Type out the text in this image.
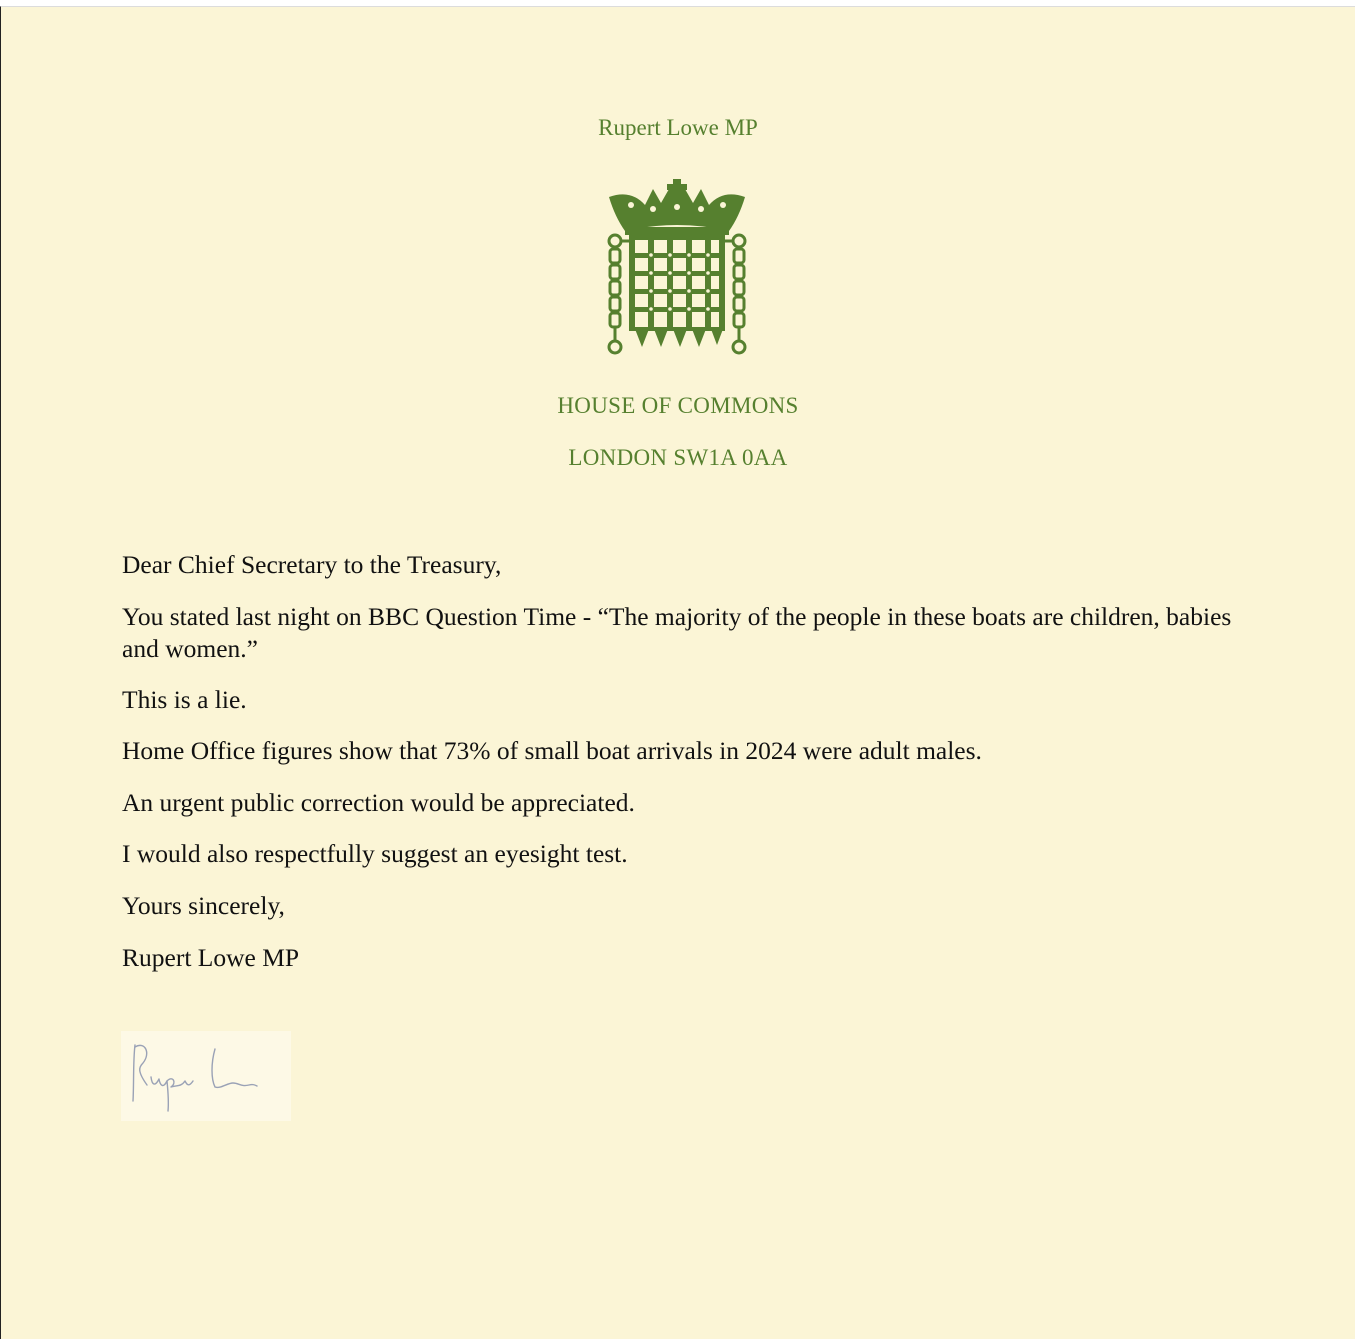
Rupert Lowe MP
HOUSE OF COMMONS
LONDON SW1A 0AA
Dear Chief Secretary to the Treasury,
You stated last night on BBC Question Time - “The majority of the people in these boats are children, babies and women.”
This is a lie.
Home Office figures show that 73% of small boat arrivals in 2024 were adult males.
An urgent public correction would be appreciated.
I would also respectfully suggest an eyesight test.
Yours sincerely,
Rupert Lowe MP
